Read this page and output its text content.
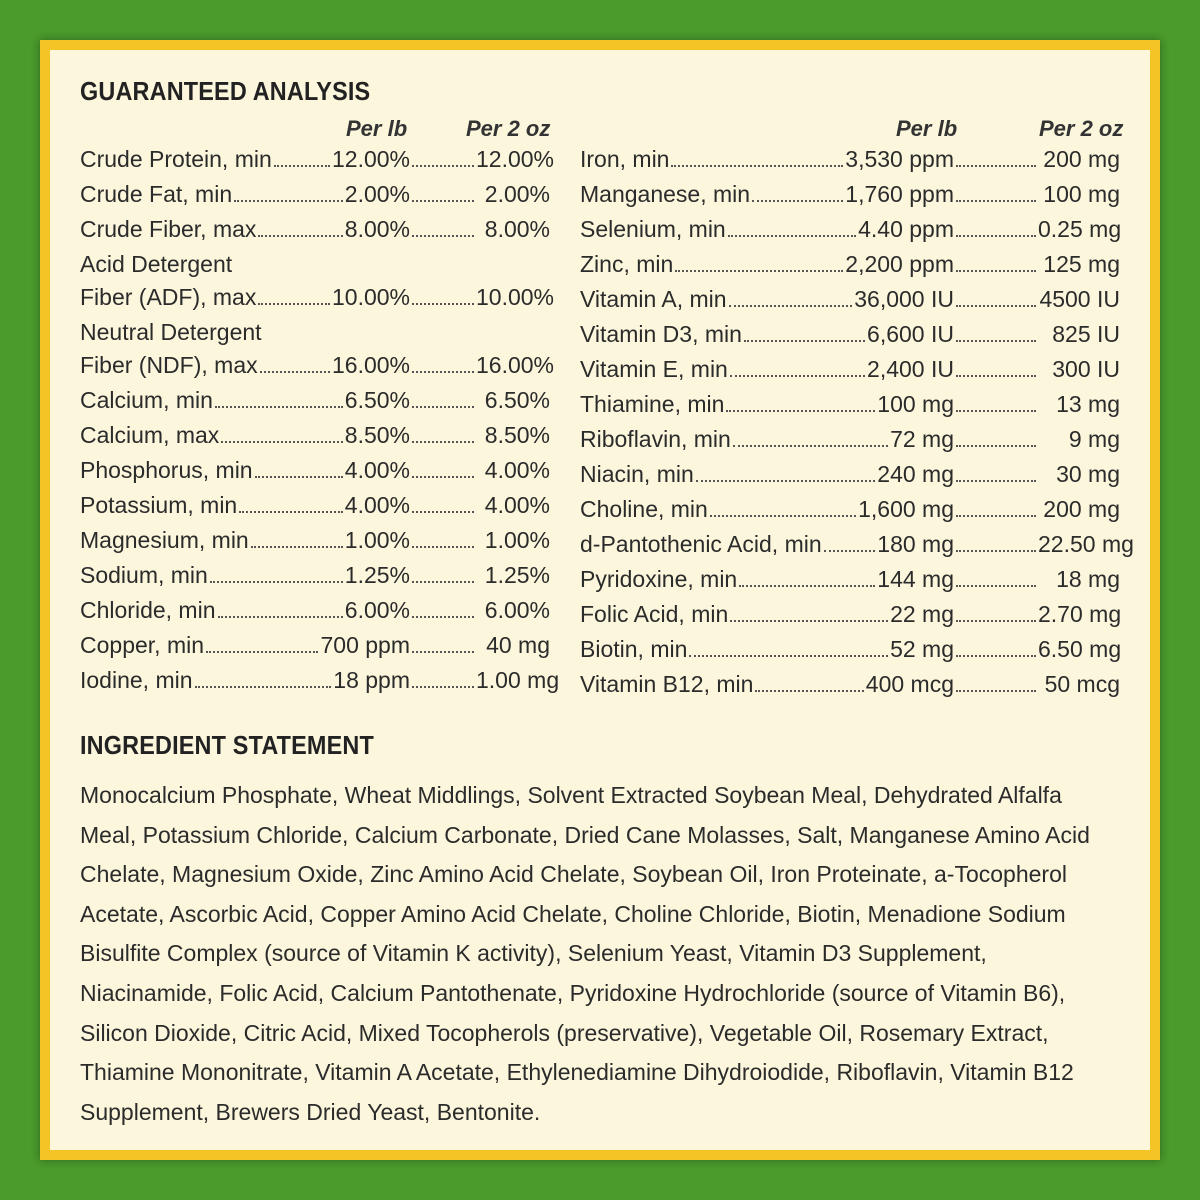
GUARANTEED ANALYSIS
Per lb	Per 2 oz
Crude Protein, min	12.00%	12.00%
Crude Fat, min	2.00%	2.00%
Crude Fiber, max	8.00%	8.00%
Acid Detergent
Fiber (ADF), max	10.00%	10.00%
Neutral Detergent
Fiber (NDF), max	16.00%	16.00%
Calcium, min	6.50%	6.50%
Calcium, max	8.50%	8.50%
Phosphorus, min	4.00%	4.00%
Potassium, min	4.00%	4.00%
Magnesium, min	1.00%	1.00%
Sodium, min	1.25%	1.25%
Chloride, min	6.00%	6.00%
Copper, min	700 ppm	40 mg
Iodine, min	18 ppm	1.00 mg
Per lb	Per 2 oz
Iron, min	3,530 ppm	200 mg
Manganese, min	1,760 ppm	100 mg
Selenium, min	4.40 ppm	0.25 mg
Zinc, min	2,200 ppm	125 mg
Vitamin A, min	36,000 IU	4500 IU
Vitamin D3, min	6,600 IU	825 IU
Vitamin E, min	2,400 IU	300 IU
Thiamine, min	100 mg	13 mg
Riboflavin, min	72 mg	9 mg
Niacin, min	240 mg	30 mg
Choline, min	1,600 mg	200 mg
d-Pantothenic Acid, min 180 mg	22.50 mg
Pyridoxine, min	144 mg	18 mg
Folic Acid, min	22 mg	2.70 mg
Biotin, min	52 mg	6.50 mg
Vitamin B12, min	400 mcg	50 mcg
INGREDIENT STATEMENT

Monocalcium Phosphate, Wheat Middlings, Solvent Extracted Soybean Meal, Dehydrated Alfalfa Meal, Potassium Chloride, Calcium Carbonate, Dried Cane Molasses, Salt, Manganese Amino Acid Chelate, Magnesium Oxide, Zinc Amino Acid Chelate, Soybean Oil, Iron Proteinate, a-Tocopherol Acetate, Ascorbic Acid, Copper Amino Acid Chelate, Choline Chloride, Biotin, Menadione Sodium Bisulfite Complex (source of Vitamin K activity), Selenium Yeast, Vitamin D3 Supplement, Niacinamide, Folic Acid, Calcium Pantothenate, Pyridoxine Hydrochloride (source of Vitamin B6), Silicon Dioxide, Citric Acid, Mixed Tocopherols (preservative), Vegetable Oil, Rosemary Extract, Thiamine Mononitrate, Vitamin A Acetate, Ethylenediamine Dihydroiodide, Riboflavin, Vitamin B12 Supplement, Brewers Dried Yeast, Bentonite.
